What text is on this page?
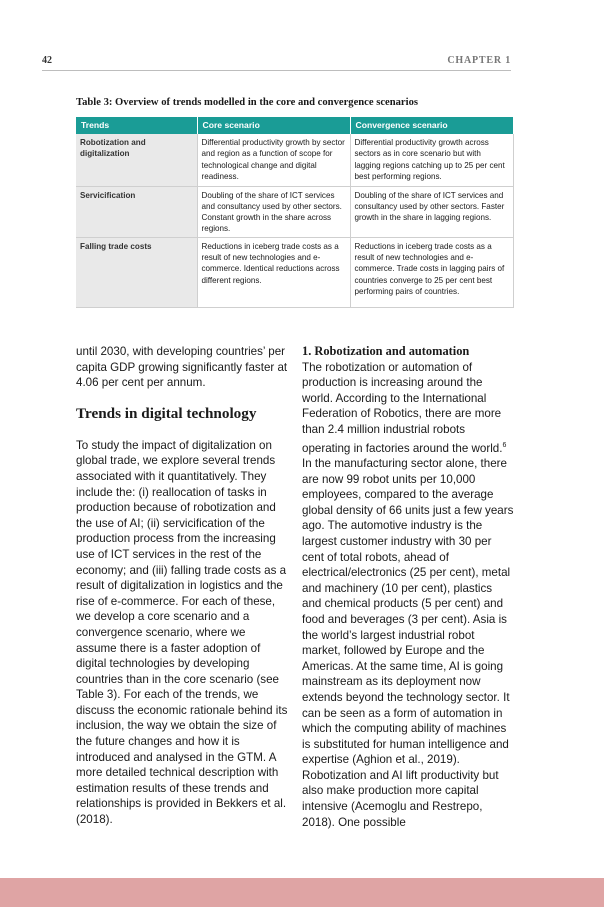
42	CHAPTER 1
Table 3: Overview of trends modelled in the core and convergence scenarios
Trends	Core scenario	Convergence scenario
Robotization and digitalization	Differential productivity growth by sector and region as a function of scope for technological change and digital readiness.	Differential productivity growth across sectors as in core scenario but with lagging regions catching up to 25 per cent best performing regions.
Servicification	Doubling of the share of ICT services and consultancy used by other sectors. Constant growth in the share across regions.	Doubling of the share of ICT services and consultancy used by other sectors. Faster growth in the share in lagging regions.
Falling trade costs	Reductions in iceberg trade costs as a result of new technologies and e-commerce. Identical reductions across different regions.	Reductions in iceberg trade costs as a result of new technologies and e-commerce. Trade costs in lagging pairs of countries converge to 25 per cent best performing pairs of countries.

until 2030, with developing countries’ per capita GDP growing significantly faster at 4.06 per cent per annum.

Trends in digital technology

To study the impact of digitalization on global trade, we explore several trends associated with it quantitatively. They include the: (i) reallocation of tasks in production because of robotization and the use of AI; (ii) servicification of the production process from the increasing use of ICT services in the rest of the economy; and (iii) falling trade costs as a result of digitalization in logistics and the rise of e-commerce. For each of these, we develop a core scenario and a convergence scenario, where we assume there is a faster adoption of digital technologies by developing countries than in the core scenario (see Table 3). For each of the trends, we discuss the economic rationale behind its inclusion, the way we obtain the size of the future changes and how it is introduced and analysed in the GTM. A more detailed technical description with estimation results of these trends and relationships is provided in Bekkers et al. (2018).

1. Robotization and automation

The robotization or automation of production is increasing around the world. According to the International Federation of Robotics, there are more than 2.4 million industrial robots operating in factories around the world.$^6$ In the manufacturing sector alone, there are now 99 robot units per 10,000 employees, compared to the average global density of 66 units just a few years ago. The automotive industry is the largest customer industry with 30 per cent of total robots, ahead of electrical/electronics (25 per cent), metal and machinery (10 per cent), plastics and chemical products (5 per cent) and food and beverages (3 per cent). Asia is the world’s largest industrial robot market, followed by Europe and the Americas. At the same time, AI is going mainstream as its deployment now extends beyond the technology sector. It can be seen as a form of automation in which the computing ability of machines is substituted for human intelligence and expertise (Aghion et al., 2019). Robotization and AI lift productivity but also make production more capital intensive (Acemoglu and Restrepo, 2018). One possible
